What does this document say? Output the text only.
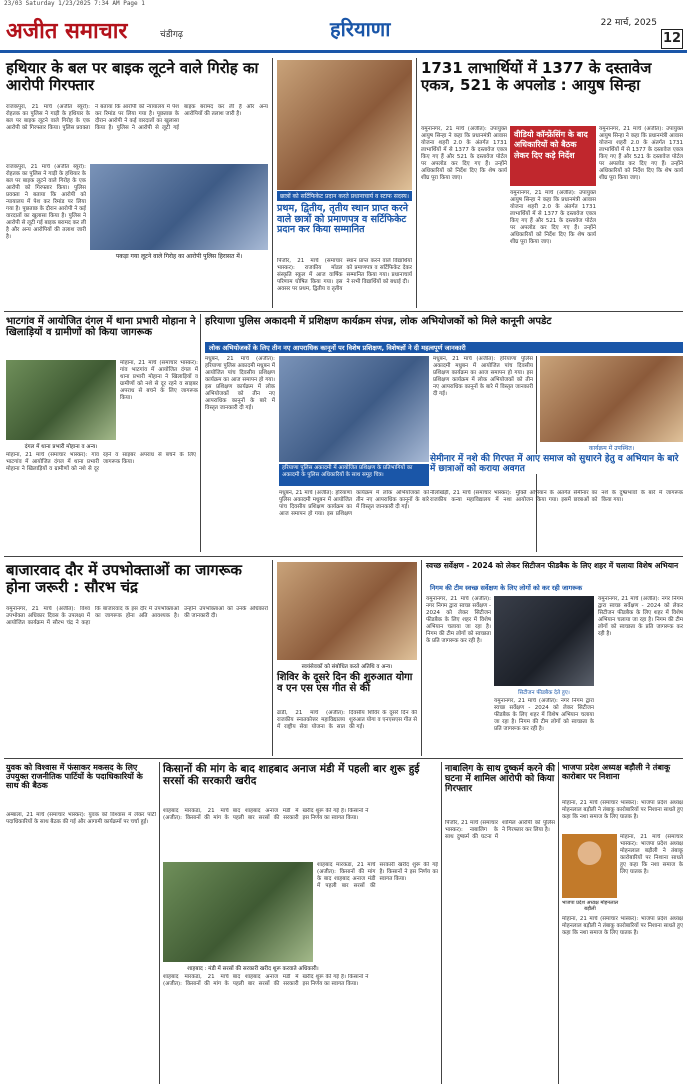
23/03 Saturday 1/23/2025 7:34 AM Page 1
अजीत समाचार	चंडीगढ़	हरियाणा	22 मार्च, 2025
12
हथियार के बल पर बाइक लूटने वाले गिरोह का आरोपी गिरफ्तार
राजकपुरा, 21 मार्च (अजीत ब्यूरो): रोहतक का पुलिस ने गाड़ी के हथियार के बल पर बाइक लूटने वाले गिरोह के एक आरोपी को गिरफ्तार किया। पुलिस प्रवक्ता ने बताया कि आरोपी को न्यायालय में पेश कर रिमांड पर लिया गया है। पूछताछ के दौरान आरोपी ने कई वारदातों का खुलासा किया है। पुलिस ने आरोपी से लूटी गई बाइक बरामद कर ली है और अन्य आरोपियों की तलाश जारी है।
राजकपुरा, 21 मार्च (अजीत ब्यूरो): रोहतक का पुलिस ने गाड़ी के हथियार के बल पर बाइक लूटने वाले गिरोह के एक आरोपी को गिरफ्तार किया। पुलिस प्रवक्ता ने बताया कि आरोपी को न्यायालय में पेश कर रिमांड पर लिया गया है। पूछताछ के दौरान आरोपी ने कई वारदातों का खुलासा किया है। पुलिस ने आरोपी से लूटी गई बाइक बरामद कर ली है और अन्य आरोपियों की तलाश जारी है।
पकड़ा गया लूटने वाले गिरोह का आरोपी पुलिस हिरासत में।
छात्रों को सर्टिफिकेट प्रदान करते प्रधानाचार्य व स्टाफ सदस्य।
प्रथम, द्वितीय, तृतीय स्थान प्राप्त करने वाले छात्रों को प्रमाणपत्र व सर्टिफिकेट प्रदान कर किया सम्मानित
पिंजौर, 21 मार्च (समाचार भास्कर): राजकीय मॉडल संस्कृति स्कूल में आज वार्षिक परिणाम घोषित किया गया। इस अवसर पर प्रथम, द्वितीय व तृतीय स्थान प्राप्त करने वाले विद्यार्थियों को प्रमाणपत्र व सर्टिफिकेट देकर सम्मानित किया गया। प्रधानाचार्य ने सभी विद्यार्थियों को बधाई दी।
1731 लाभार्थियों में 1377 के दस्तावेज एकत्र, 521 के अपलोड : आयुष सिन्हा
यमुनानगर, 21 मार्च (अजीत): उपायुक्त आयुष सिन्हा ने कहा कि प्रधानमंत्री आवास योजना शहरी 2.0 के अंतर्गत 1731 लाभार्थियों में से 1377 के दस्तावेज एकत्र किए गए हैं और 521 के दस्तावेज पोर्टल पर अपलोड कर दिए गए हैं। उन्होंने अधिकारियों को निर्देश दिए कि शेष कार्य शीघ्र पूरा किया जाए।
वीडियो कॉन्फ्रेंसिंग के बाद अधिकारियों को बैठक लेकर दिए कड़े निर्देश
यमुनानगर, 21 मार्च (अजीत): उपायुक्त आयुष सिन्हा ने कहा कि प्रधानमंत्री आवास योजना शहरी 2.0 के अंतर्गत 1731 लाभार्थियों में से 1377 के दस्तावेज एकत्र किए गए हैं और 521 के दस्तावेज पोर्टल पर अपलोड कर दिए गए हैं। उन्होंने अधिकारियों को निर्देश दिए कि शेष कार्य शीघ्र पूरा किया जाए।
यमुनानगर, 21 मार्च (अजीत): उपायुक्त आयुष सिन्हा ने कहा कि प्रधानमंत्री आवास योजना शहरी 2.0 के अंतर्गत 1731 लाभार्थियों में से 1377 के दस्तावेज एकत्र किए गए हैं और 521 के दस्तावेज पोर्टल पर अपलोड कर दिए गए हैं। उन्होंने अधिकारियों को निर्देश दिए कि शेष कार्य शीघ्र पूरा किया जाए।
भाटगांव में आयोजित दंगल में थाना प्रभारी मोहाना ने खिलाड़ियों व ग्रामीणों को किया जागरूक
दंगल में थाना प्रभारी मोहाना व अन्य।
मोहाना, 21 मार्च (समाचार भास्कर): गांव भाटगांव में आयोजित दंगल में थाना प्रभारी मोहाना ने खिलाड़ियों व ग्रामीणों को नशे से दूर रहने व साइबर अपराध से बचने के लिए जागरूक किया।
मोहाना, 21 मार्च (समाचार भास्कर): गांव भाटगांव में आयोजित दंगल में थाना प्रभारी मोहाना ने खिलाड़ियों व ग्रामीणों को नशे से दूर रहने व साइबर अपराध से बचने के लिए जागरूक किया।
हरियाणा पुलिस अकादमी में प्रशिक्षण कार्यक्रम संपन्न, लोक अभियोजकों को मिले कानूनी अपडेट
लोक अभियोजकों के लिए तीन नए आपराधिक कानूनों पर विशेष प्रशिक्षण, विशेषज्ञों ने दी महत्वपूर्ण जानकारी
मधुबन, 21 मार्च (अजीत): हरियाणा पुलिस अकादमी मधुबन में आयोजित पांच दिवसीय प्रशिक्षण कार्यक्रम का आज समापन हो गया। इस प्रशिक्षण कार्यक्रम में लोक अभियोजकों को तीन नए आपराधिक कानूनों के बारे में विस्तृत जानकारी दी गई।
हरियाणा पुलिस अकादमी में आयोजित प्रशिक्षण के प्रतिभागियों का अकादमी के पुलिस अधिकारियों के साथ समूह चित्र।
मधुबन, 21 मार्च (अजीत): हरियाणा पुलिस अकादमी मधुबन में आयोजित पांच दिवसीय प्रशिक्षण कार्यक्रम का आज समापन हो गया। इस प्रशिक्षण कार्यक्रम में लोक अभियोजकों को तीन नए आपराधिक कानूनों के बारे में विस्तृत जानकारी दी गई।
मधुबन, 21 मार्च (अजीत): हरियाणा पुलिस अकादमी मधुबन में आयोजित पांच दिवसीय प्रशिक्षण कार्यक्रम का आज समापन हो गया। इस प्रशिक्षण कार्यक्रम में लोक अभियोजकों को तीन नए आपराधिक कानूनों के बारे में विस्तृत जानकारी दी गई।
कार्यक्रम में उपस्थित।
सेमीनार में नशे की गिरफ्त में आए समाज को सुधारने हेतु व अभियान के बारे में छात्राओं को कराया अवगत
नीलोखेड़ी, 21 मार्च (समाचार भास्कर): राजकीय कन्या महाविद्यालय में नशा मुक्ति अभियान के अंतर्गत सेमीनार का आयोजन किया गया। इसमें छात्राओं को नशे के दुष्प्रभावों के बारे में जागरूक किया गया।
बाजारवाद दौर में उपभोक्ताओं का जागरूक होना जरूरी : सौरभ चंद्र
यमुनानगर, 21 मार्च (अजीत): विश्व उपभोक्ता अधिकार दिवस के उपलक्ष्य में आयोजित कार्यक्रम में सौरभ चंद्र ने कहा कि बाजारवाद के इस दौर में उपभोक्ताओं का जागरूक होना अति आवश्यक है। उन्होंने उपभोक्ताओं को उनके अधिकारों की जानकारी दी।
स्वयंसेवकों को संबोधित करते अतिथि व अन्य।
शिविर के दूसरे दिन की शुरुआत योगा व एन एस एस गीत से की
ढांडी, 21 मार्च (अजीत): राजकीय स्नातकोत्तर महाविद्यालय में राष्ट्रीय सेवा योजना के सात दिवसीय शिविर के दूसरे दिन की शुरुआत योगा व एनएसएस गीत से की गई।
स्वच्छ सर्वेक्षण - 2024 को लेकर सिटीजन फीडबैक के लिए शहर में चलाया विशेष अभियान
निगम की टीम स्वच्छ सर्वेक्षण के लिए लोगों को कर रही जागरूक
यमुनानगर, 21 मार्च (अजीत): नगर निगम द्वारा स्वच्छ सर्वेक्षण - 2024 को लेकर सिटीजन फीडबैक के लिए शहर में विशेष अभियान चलाया जा रहा है। निगम की टीम लोगों को स्वच्छता के प्रति जागरूक कर रही है।
सिटीजन फीडबैक देते हुए।
यमुनानगर, 21 मार्च (अजीत): नगर निगम द्वारा स्वच्छ सर्वेक्षण - 2024 को लेकर सिटीजन फीडबैक के लिए शहर में विशेष अभियान चलाया जा रहा है। निगम की टीम लोगों को स्वच्छता के प्रति जागरूक कर रही है।
यमुनानगर, 21 मार्च (अजीत): नगर निगम द्वारा स्वच्छ सर्वेक्षण - 2024 को लेकर सिटीजन फीडबैक के लिए शहर में विशेष अभियान चलाया जा रहा है। निगम की टीम लोगों को स्वच्छता के प्रति जागरूक कर रही है।
युवक को विश्वास में फंसाकर मकसद के लिए उपयुक्त राजनीतिक पार्टियों के पदाधिकारियों के साथ की बैठक
अम्बाला, 21 मार्च (समाचार भास्कर): युवक को विश्वास में लेकर पार्टी पदाधिकारियों के साथ बैठक की गई और आगामी कार्यक्रमों पर चर्चा हुई।
किसानों की मांग के बाद शाहबाद अनाज मंडी में पहली बार शुरू हुई सरसों की सरकारी खरीद
शाहबाद मारकंडा, 21 मार्च (अजीत): किसानों की मांग के बाद शाहबाद अनाज मंडी में पहली बार सरसों की सरकारी खरीद शुरू की गई है। किसानों ने इस निर्णय का स्वागत किया।
शाहबाद : मंडी में सरसों की सरकारी खरीद शुरू करवाते अधिकारी।
शाहबाद मारकंडा, 21 मार्च (अजीत): किसानों की मांग के बाद शाहबाद अनाज मंडी में पहली बार सरसों की सरकारी खरीद शुरू की गई है। किसानों ने इस निर्णय का स्वागत किया।
शाहबाद मारकंडा, 21 मार्च (अजीत): किसानों की मांग के बाद शाहबाद अनाज मंडी में पहली बार सरसों की सरकारी खरीद शुरू की गई है। किसानों ने इस निर्णय का स्वागत किया।
नाबालिग के साथ दुष्कर्म करने की घटना में शामिल आरोपी को किया गिरफ्तार
पिंजौर, 21 मार्च (समाचार भास्कर): नाबालिग के साथ दुष्कर्म की घटना में शामिल आरोपी को पुलिस ने गिरफ्तार कर लिया है।
भाजपा प्रदेश अध्यक्ष बड़ौली ने तंबाकू कारोबार पर निशाना
मोहाना, 21 मार्च (समाचार भास्कर): भाजपा प्रदेश अध्यक्ष मोहनलाल बड़ौली ने तंबाकू कारोबारियों पर निशाना साधते हुए कहा कि नशा समाज के लिए घातक है।
भाजपा प्रदेश अध्यक्ष मोहनलाल बड़ौली
मोहाना, 21 मार्च (समाचार भास्कर): भाजपा प्रदेश अध्यक्ष मोहनलाल बड़ौली ने तंबाकू कारोबारियों पर निशाना साधते हुए कहा कि नशा समाज के लिए घातक है।
मोहाना, 21 मार्च (समाचार भास्कर): भाजपा प्रदेश अध्यक्ष मोहनलाल बड़ौली ने तंबाकू कारोबारियों पर निशाना साधते हुए कहा कि नशा समाज के लिए घातक है।
